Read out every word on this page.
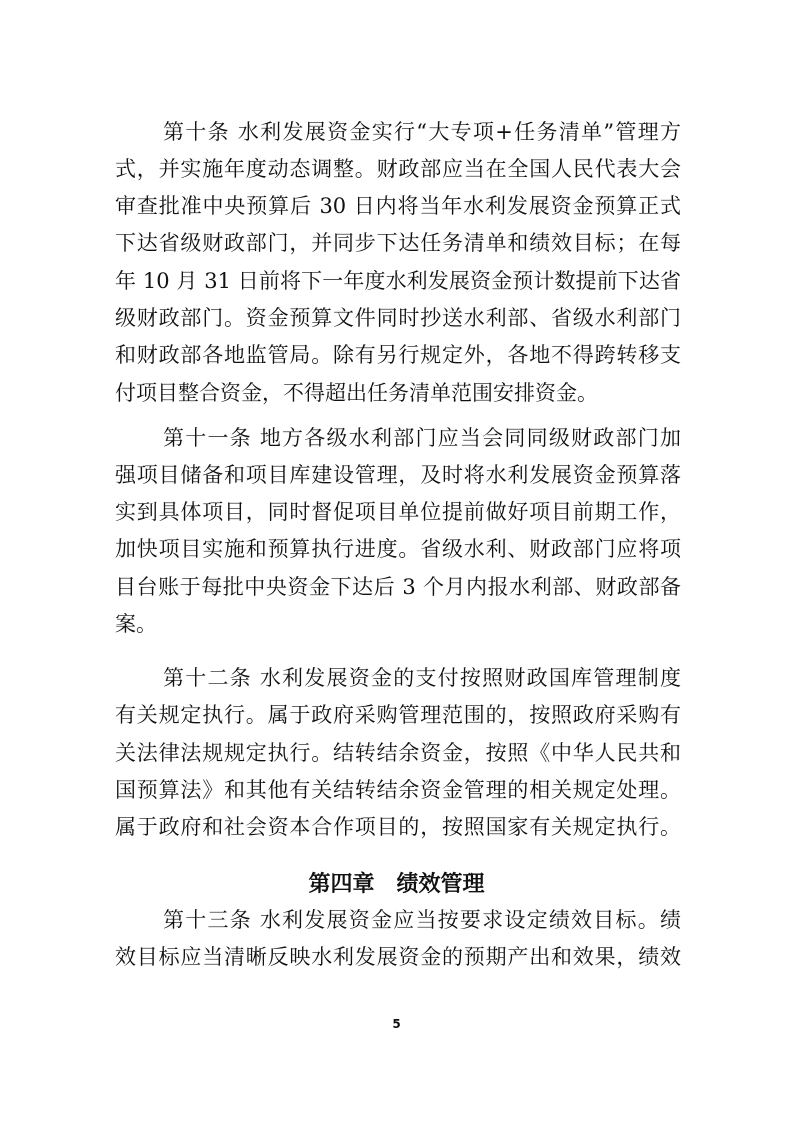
第十条 水利发展资金实行“大专项+任务清单”管理方
式，并实施年度动态调整。财政部应当在全国人民代表大会
审查批准中央预算后 30 日内将当年水利发展资金预算正式
下达省级财政部门，并同步下达任务清单和绩效目标；在每
年 10 月 31 日前将下一年度水利发展资金预计数提前下达省
级财政部门。资金预算文件同时抄送水利部、省级水利部门
和财政部各地监管局。除有另行规定外，各地不得跨转移支
付项目整合资金，不得超出任务清单范围安排资金。
第十一条 地方各级水利部门应当会同同级财政部门加
强项目储备和项目库建设管理，及时将水利发展资金预算落
实到具体项目，同时督促项目单位提前做好项目前期工作，
加快项目实施和预算执行进度。省级水利、财政部门应将项
目台账于每批中央资金下达后 3 个月内报水利部、财政部备
案。
第十二条 水利发展资金的支付按照财政国库管理制度
有关规定执行。属于政府采购管理范围的，按照政府采购有
关法律法规规定执行。结转结余资金，按照《中华人民共和
国预算法》和其他有关结转结余资金管理的相关规定处理。
属于政府和社会资本合作项目的，按照国家有关规定执行。
第四章　绩效管理
第十三条 水利发展资金应当按要求设定绩效目标。绩
效目标应当清晰反映水利发展资金的预期产出和效果，绩效
5
